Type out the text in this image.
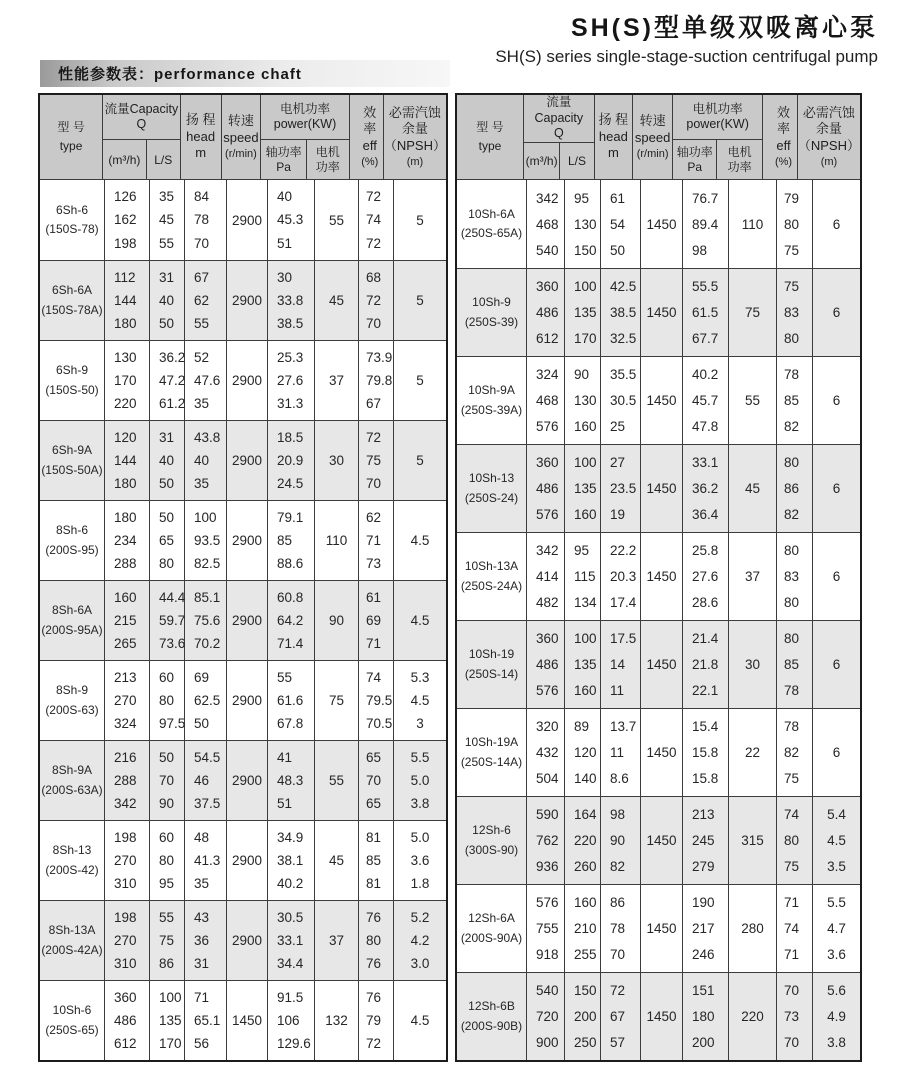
SH(S)型单级双吸离心泵
SH(S) series single-stage-suction centrifugal pump
性能参数表：performance chaft
型 号
type
流量Capacity
Q
(m³/h)	L/S
扬 程
head
m
转速
speed
(r/min)
电机功率 power(KW)
轴功率
Pa
电机
功率
效 率
eff
(%)
必需汽蚀
余量
（NPSH）
(m)
6Sh-6
(150S-78)
126
162
198
35
45
55
84
78
70
2900
40
45.3
51
55
72
74
72
5
6Sh-6A
(150S-78A)
112
144
180
31
40
50
67
62
55
2900
30
33.8
38.5
45
68
72
70
5
6Sh-9
(150S-50)
130
170
220
36.2
47.2
61.2
52
47.6
35
2900
25.3
27.6
31.3
37
73.9
79.8
67
5
6Sh-9A
(150S-50A)
120
144
180
31
40
50
43.8
40
35
2900
18.5
20.9
24.5
30
72
75
70
5
8Sh-6
(200S-95)
180
234
288
50
65
80
100
93.5
82.5
2900
79.1
85
88.6
110
62
71
73
4.5
8Sh-6A
(200S-95A)
160
215
265
44.4
59.7
73.6
85.1
75.6
70.2
2900
60.8
64.2
71.4
90
61
69
71
4.5
8Sh-9
(200S-63)
213
270
324
60
80
97.5
69
62.5
50
2900
55
61.6
67.8
75
74
79.5
70.5
5.3
4.5
3
8Sh-9A
(200S-63A)
216
288
342
50
70
90
54.5
46
37.5
2900
41
48.3
51
55
65
70
65
5.5
5.0
3.8
8Sh-13
(200S-42)
198
270
310
60
80
95
48
41.3
35
2900
34.9
38.1
40.2
45
81
85
81
5.0
3.6
1.8
8Sh-13A
(200S-42A)
198
270
310
55
75
86
43
36
31
2900
30.5
33.1
34.4
37
76
80
76
5.2
4.2
3.0
10Sh-6
(250S-65)
360
486
612
100
135
170
71
65.1
56
1450
91.5
106
129.6
132
76
79
72
4.5
型 号
type
流量Capacity
Q
(m³/h) L/S
扬 程
head
m
转速
speed
(r/min)
电机功率 power(KW)
轴功率
Pa
电机
功率
效 率
eff
(%)
必需汽蚀
余量
（NPSH）
(m)
10Sh-6A
(250S-65A)
342
468
540
95
130
150
61
54
50
1450
76.7
89.4
98
110
79
80
75
6
10Sh-9
(250S-39)
360
486
612
100
135
170
42.5
38.5
32.5
1450
55.5
61.5
67.7
75
75
83
80
6
10Sh-9A
(250S-39A)
324
468
576
90
130
160
35.5
30.5
25
1450
40.2
45.7
47.8
55
78
85
82
6
10Sh-13
(250S-24)
360
486
576
100
135
160
27
23.5
19
1450
33.1
36.2
36.4
45
80
86
82
6
10Sh-13A
(250S-24A)
342
414
482
95
115
134
22.2
20.3
17.4
1450
25.8
27.6
28.6
37
80
83
80
6
10Sh-19
(250S-14)
360
486
576
100
135
160
17.5
14
11
1450
21.4
21.8
22.1
30
80
85
78
6
10Sh-19A
(250S-14A)
320
432
504
89
120
140
13.7
11
8.6
1450
15.4
15.8
15.8
22
78
82
75
6
12Sh-6
(300S-90)
590
762
936
164
220
260
98
90
82
1450
213
245
279
315
74
80
75
5.4
4.5
3.5
12Sh-6A
(200S-90A)
576
755
918
160
210
255
86
78
70
1450
190
217
246
280
71
74
71
5.5
4.7
3.6
12Sh-6B
(200S-90B)
540
720
900
150
200
250
72
67
57
1450
151
180
200
220
70
73
70
5.6
4.9
3.8
